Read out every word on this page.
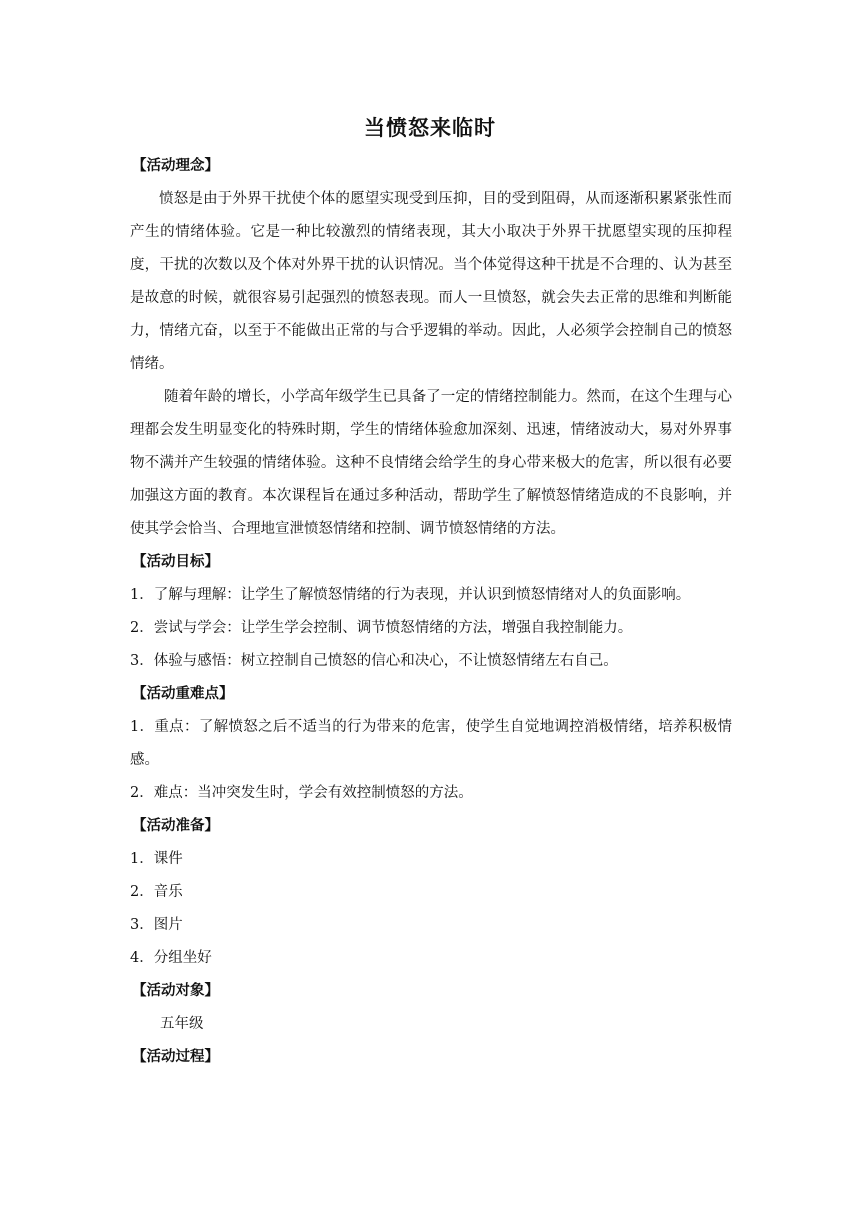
当愤怒来临时
【活动理念】

愤怒是由于外界干扰使个体的愿望实现受到压抑，目的受到阻碍，从而逐渐积累紧张性而产生的情绪体验。它是一种比较激烈的情绪表现，其大小取决于外界干扰愿望实现的压抑程度，干扰的次数以及个体对外界干扰的认识情况。当个体觉得这种干扰是不合理的、认为甚至是故意的时候，就很容易引起强烈的愤怒表现。而人一旦愤怒，就会失去正常的思维和判断能力，情绪亢奋，以至于不能做出正常的与合乎逻辑的举动。因此，人必须学会控制自己的愤怒情绪。

随着年龄的增长，小学高年级学生已具备了一定的情绪控制能力。然而，在这个生理与心理都会发生明显变化的特殊时期，学生的情绪体验愈加深刻、迅速，情绪波动大，易对外界事物不满并产生较强的情绪体验。这种不良情绪会给学生的身心带来极大的危害，所以很有必要加强这方面的教育。本次课程旨在通过多种活动，帮助学生了解愤怒情绪造成的不良影响，并使其学会恰当、合理地宣泄愤怒情绪和控制、调节愤怒情绪的方法。

【活动目标】

1．了解与理解：让学生了解愤怒情绪的行为表现，并认识到愤怒情绪对人的负面影响。

2．尝试与学会：让学生学会控制、调节愤怒情绪的方法，增强自我控制能力。

3．体验与感悟：树立控制自己愤怒的信心和决心，不让愤怒情绪左右自己。

【活动重难点】

1．重点：了解愤怒之后不适当的行为带来的危害，使学生自觉地调控消极情绪，培养积极情感。

2．难点：当冲突发生时，学会有效控制愤怒的方法。

【活动准备】

1．课件

2．音乐

3．图片

4．分组坐好

【活动对象】

五年级

【活动过程】
